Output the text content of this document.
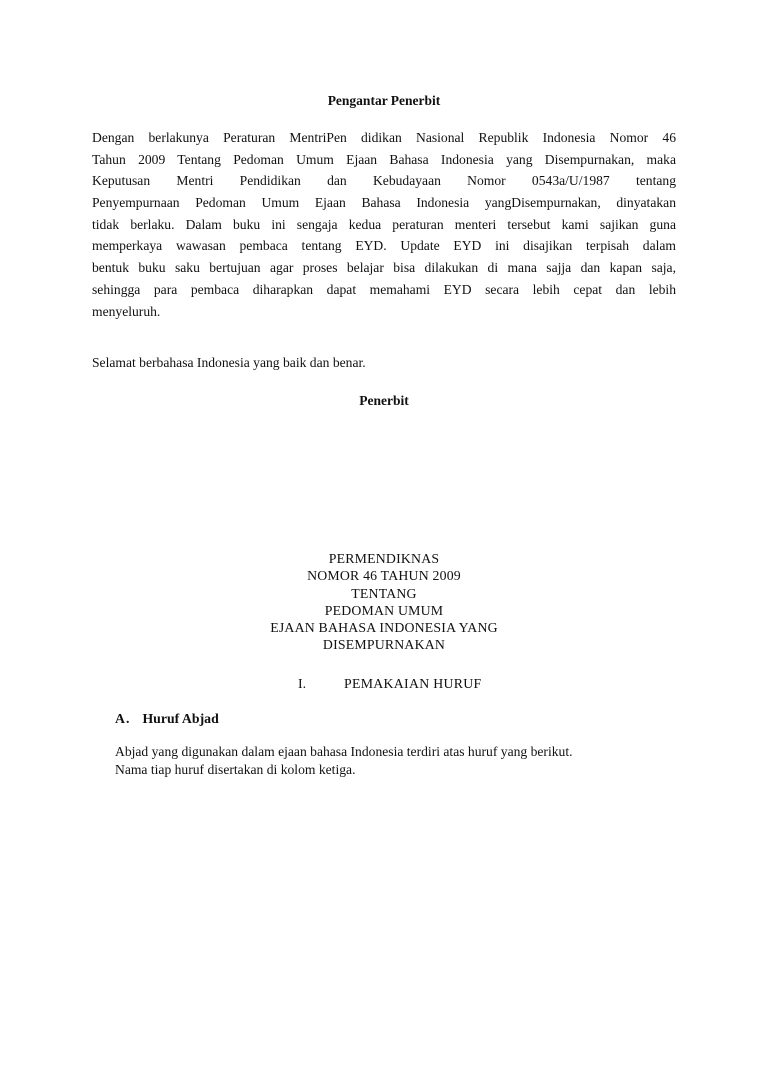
Pengantar Penerbit
Dengan berlakunya Peraturan MentriPen didikan Nasional Republik Indonesia Nomor 46
Tahun 2009 Tentang Pedoman Umum Ejaan Bahasa Indonesia yang Disempurnakan, maka
Keputusan Mentri Pendidikan dan Kebudayaan Nomor 0543a/U/1987 tentang
Penyempurnaan Pedoman Umum Ejaan Bahasa Indonesia yangDisempurnakan, dinyatakan
tidak berlaku. Dalam buku ini sengaja kedua peraturan menteri tersebut kami sajikan guna
memperkaya wawasan pembaca tentang EYD. Update EYD ini disajikan terpisah dalam
bentuk buku saku bertujuan agar proses belajar bisa dilakukan di mana sajja dan kapan saja,
sehingga para pembaca diharapkan dapat memahami EYD secara lebih cepat dan lebih
menyeluruh.
Selamat berbahasa Indonesia yang baik dan benar.
Penerbit
PERMENDIKNAS
NOMOR 46 TAHUN 2009
TENTANG
PEDOMAN UMUM
EJAAN BAHASA INDONESIA YANG
DISEMPURNAKAN
I.	PEMAKAIAN HURUF
A. Huruf Abjad
Abjad yang digunakan dalam ejaan bahasa Indonesia terdiri atas huruf yang berikut.
Nama tiap huruf disertakan di kolom ketiga.
